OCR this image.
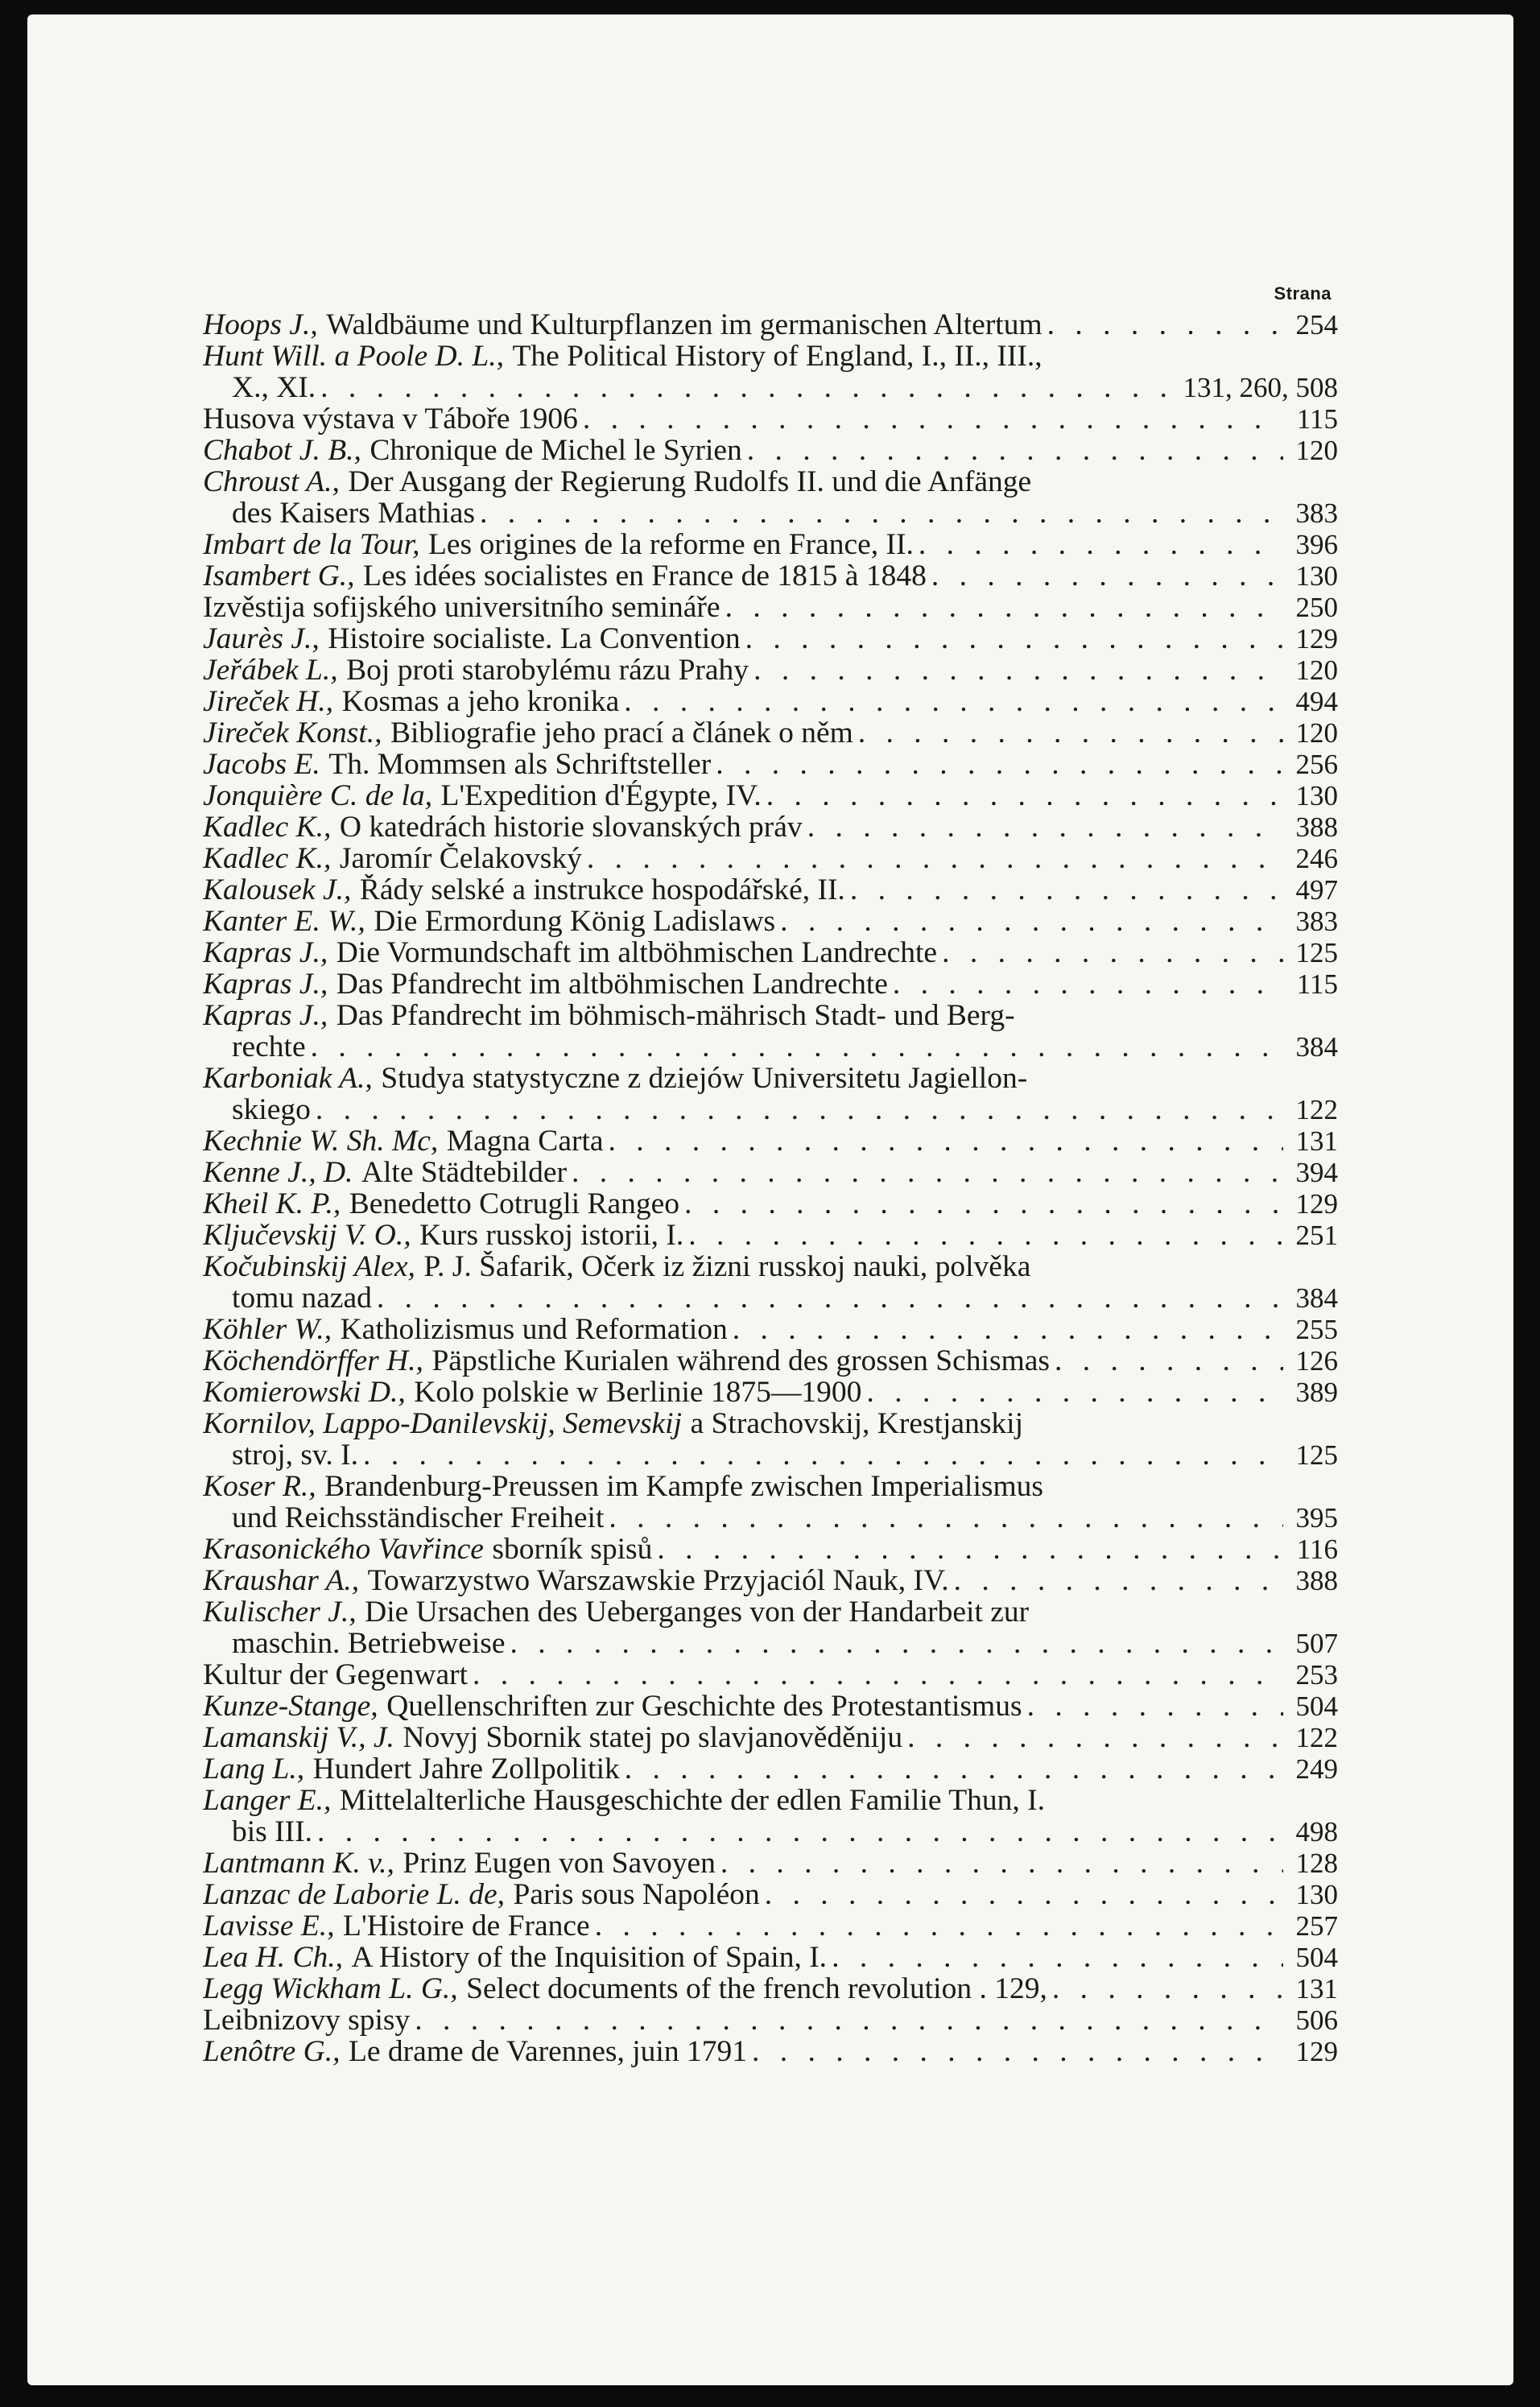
Strana
Hoops J., Waldbäume und Kulturpflanzen im germanischen Altertum . . .	254
Hunt Will. a Poole D. L., The Political History of England, I., II., III.,
X., XI. . . .	131, 260, 508
Husova výstava v Táboře 1906 . . .	115
Chabot J. B., Chronique de Michel le Syrien . . .	120
Chroust A., Der Ausgang der Regierung Rudolfs II. und die Anfänge
des Kaisers Mathias . . .	383
Imbart de la Tour, Les origines de la reforme en France, II. . . .	396
Isambert G., Les idées socialistes en France de 1815 à 1848 . . .	130
Izvěstija sofijského universitního semináře . . .	250
Jaurès J., Histoire socialiste. La Convention . . .	129
Jeřábek L., Boj proti starobylému rázu Prahy . . .	120
Jireček H., Kosmas a jeho kronika . . .	494
Jireček Konst., Bibliografie jeho prací a článek o něm . . .	120
Jacobs E. Th. Mommsen als Schriftsteller . . .	256
Jonquière C. de la, L'Expedition d'Égypte, IV. . . .	130
Kadlec K., O katedrách historie slovanských práv . . .	388
Kadlec K., Jaromír Čelakovský . . .	246
Kalousek J., Řády selské a instrukce hospodářské, II. . . .	497
Kanter E. W., Die Ermordung König Ladislaws . . .	383
Kapras J., Die Vormundschaft im altböhmischen Landrechte . . .	125
Kapras J., Das Pfandrecht im altböhmischen Landrechte . . .	115
Kapras J., Das Pfandrecht im böhmisch-mährisch Stadt- und Berg-
rechte . . .	384
Karboniak A., Studya statystyczne z dziejów Universitetu Jagiellon-
skiego . . .	122
Kechnie W. Sh. Mc, Magna Carta . . .	131
Kenne J., D. Alte Städtebilder . . .	394
Kheil K. P., Benedetto Cotrugli Rangeo . . .	129
Ključevskij V. O., Kurs russkoj istorii, I. . . .	251
Kočubinskij Alex, P. J. Šafarik, Očerk iz žizni russkoj nauki, polvěka
tomu nazad . . .	384
Köhler W., Katholizismus und Reformation . . .	255
Köchendörffer H., Päpstliche Kurialen während des grossen Schismas . . .	126
Komierowski D., Kolo polskie w Berlinie 1875—1900 . . .	389
Kornilov, Lappo-Danilevskij, Semevskij a Strachovskij, Krestjanskij
stroj, sv. I. . . .	125
Koser R., Brandenburg-Preussen im Kampfe zwischen Imperialismus
und Reichsständischer Freiheit . . .	395
Krasonického Vavřince sborník spisů . . .	116
Kraushar A., Towarzystwo Warszawskie Przyjaciól Nauk, IV. . . .	388
Kulischer J., Die Ursachen des Ueberganges von der Handarbeit zur
maschin. Betriebweise . . .	507
Kultur der Gegenwart . . .	253
Kunze-Stange, Quellenschriften zur Geschichte des Protestantismus . . .	504
Lamanskij V., J. Novyj Sbornik statej po slavjanověděniju . . .	122
Lang L., Hundert Jahre Zollpolitik . . .	249
Langer E., Mittelalterliche Hausgeschichte der edlen Familie Thun, I.
bis III. . . .	498
Lantmann K. v., Prinz Eugen von Savoyen . . .	128
Lanzac de Laborie L. de, Paris sous Napoléon . . .	130
Lavisse E., L'Histoire de France . . .	257
Lea H. Ch., A History of the Inquisition of Spain, I. . . .	504
Legg Wickham L. G., Select documents of the french revolution . 129, . . .	131
Leibnizovy spisy . . .	506
Lenôtre G., Le drame de Varennes, juin 1791 . . .	129
